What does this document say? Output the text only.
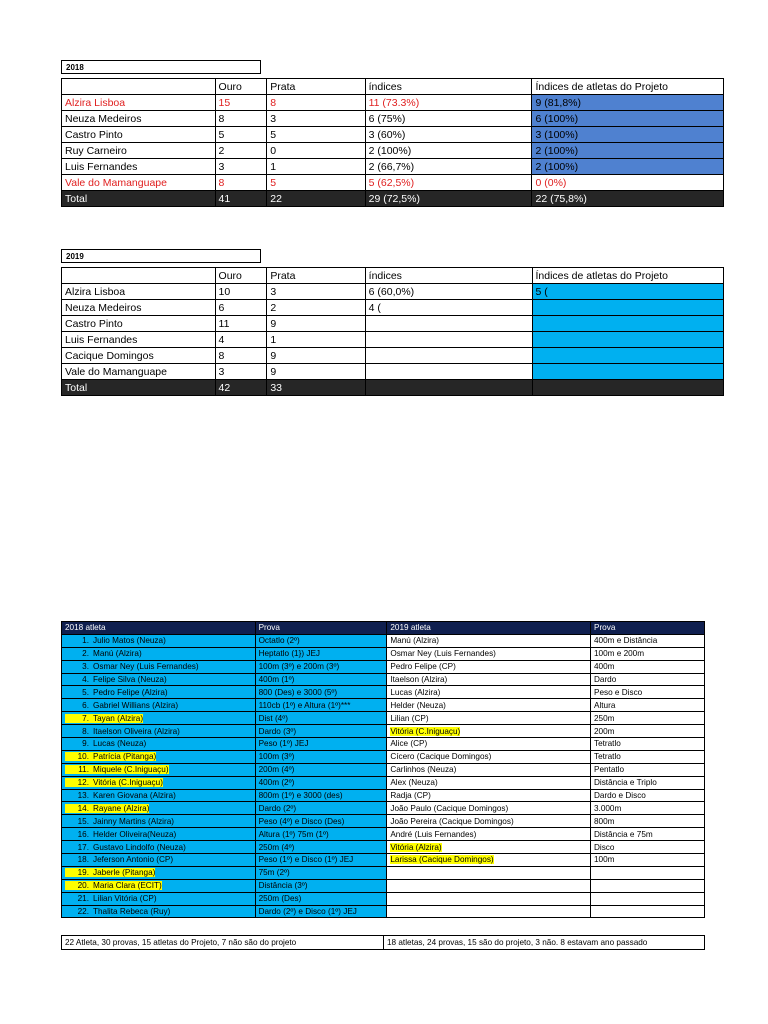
2018
	Ouro	Prata	índices	Índices de atletas do Projeto
Alzira Lisboa	15	8	11 (73.3%)	9 (81,8%)
Neuza Medeiros	8	3	6 (75%)	6 (100%)
Castro Pinto	5	5	3 (60%)	3 (100%)
Ruy Carneiro	2	0	2 (100%)	2 (100%)
Luis Fernandes	3	1	2 (66,7%)	2 (100%)
Vale do Mamanguape	8	5	5 (62,5%)	0 (0%)
Total	41	22	29 (72,5%)	22 (75,8%)
2019
	Ouro	Prata	índices	Índices de atletas do Projeto
Alzira Lisboa	10	3	6 (60,0%)	5 (
Neuza Medeiros	6	2	4 (	
Castro Pinto	11	9		
Luis Fernandes	4	1		
Cacique Domingos	8	9		
Vale do Mamanguape	3	9		
Total	42	33		
2018 atleta	Prova	2019 atleta	Prova
1. Julio Matos (Neuza)	Octatlo (2º)	Manú (Alzira)	400m e Distância
2. Manú (Alzira)	Heptatlo (1}) JEJ	Osmar Ney (Luis Fernandes)	100m e 200m
3. Osmar Ney (Luis Fernandes)	100m (3º) e 200m (3º)	Pedro Felipe (CP)	400m
4. Felipe Silva (Neuza)	400m (1º)	Itaelson (Alzira)	Dardo
5. Pedro Felipe (Alzira)	800 (Des) e 3000 (5º)	Lucas (Alzira)	Peso e Disco
6. Gabriel Willians (Alzira)	110cb (1º) e Altura (1º)***	Helder (Neuza)	Altura
7. Tayan (Alzira)	Dist (4º)	Lilian (CP)	250m
8. Itaelson Oliveira (Alzira)	Dardo (3º)	Vitória (C.Iniguaçu)	200m
9. Lucas (Neuza)	Peso (1º) JEJ	Alice (CP)	Tetratlo
10. Patrícia (Pitanga)	100m (3º)	Cícero (Cacique Domingos)	Tetratlo
11. Miquele (C.Iniguaçu)	200m (4º)	Carlinhos (Neuza)	Pentatlo
12. Vitória (C.Iniguaçu)	400m (2º)	Alex (Neuza)	Distância e Triplo
13. Karen Giovana (Alzira)	800m (1º) e 3000 (des)	Radja (CP)	Dardo e Disco
14. Rayane (Alzira)	Dardo (2º)	João Paulo (Cacique Domingos)	3.000m
15. Jainny Martins (Alzira)	Peso (4º) e Disco (Des)	João Pereira (Cacique Domingos)	800m
16. Helder Oliveira(Neuza)	Altura (1º) 75m (1º)	André (Luis Fernandes)	Distância e 75m
17. Gustavo Lindolfo (Neuza)	250m (4º)	Vitória (Alzira)	Disco
18. Jeferson Antonio (CP)	Peso (1º) e Disco (1º) JEJ	Larissa (Cacique Domingos)	100m
19. Jaberle (Pitanga)	75m (2º)		
20. Maria Clara (ECIT)	Distância (3º)		
21. Lilian Vitória (CP)	250m (Des)		
22. Thalita Rebeca (Ruy)	Dardo (2º) e Disco (1º) JEJ		
22 Atleta, 30 provas, 15 atletas do Projeto, 7 não são do projeto	18 atletas, 24 provas, 15 são do projeto, 3 não. 8 estavam ano passado
